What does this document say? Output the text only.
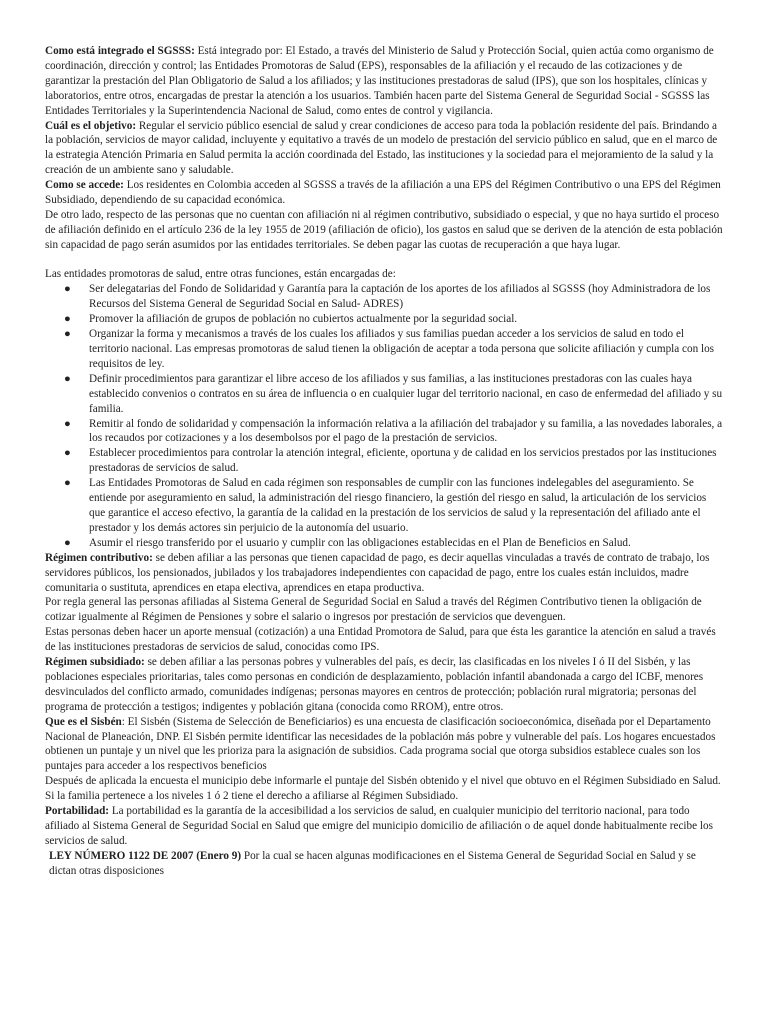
Como está integrado el SGSSS: Está integrado por: El Estado, a través del Ministerio de Salud y Protección Social, quien actúa como organismo de coordinación, dirección y control; las Entidades Promotoras de Salud (EPS), responsables de la afiliación y el recaudo de las cotizaciones y de garantizar la prestación del Plan Obligatorio de Salud a los afiliados; y las instituciones prestadoras de salud (IPS), que son los hospitales, clínicas y laboratorios, entre otros, encargadas de prestar la atención a los usuarios. También hacen parte del Sistema General de Seguridad Social - SGSSS las Entidades Territoriales y la Superintendencia Nacional de Salud, como entes de control y vigilancia.

Cuál es el objetivo: Regular el servicio público esencial de salud y crear condiciones de acceso para toda la población residente del país. Brindando a la población, servicios de mayor calidad, incluyente y equitativo a través de un modelo de prestación del servicio público en salud, que en el marco de la estrategia Atención Primaria en Salud permita la acción coordinada del Estado, las instituciones y la sociedad para el mejoramiento de la salud y la creación de un ambiente sano y saludable.

Como se accede: Los residentes en Colombia acceden al SGSSS a través de la afiliación a una EPS del Régimen Contributivo o una EPS del Régimen Subsidiado, dependiendo de su capacidad económica.

De otro lado, respecto de las personas que no cuentan con afiliación ni al régimen contributivo, subsidiado o especial, y que no haya surtido el proceso de afiliación definido en el artículo 236 de la ley 1955 de 2019 (afiliación de oficio), los gastos en salud que se deriven de la atención de esta población sin capacidad de pago serán asumidos por las entidades territoriales. Se deben pagar las cuotas de recuperación a que haya lugar.

Las entidades promotoras de salud, entre otras funciones, están encargadas de:

● Ser delegatarias del Fondo de Solidaridad y Garantía para la captación de los aportes de los afiliados al SGSSS (hoy Administradora de los Recursos del Sistema General de Seguridad Social en Salud- ADRES)
● Promover la afiliación de grupos de población no cubiertos actualmente por la seguridad social.
● Organizar la forma y mecanismos a través de los cuales los afiliados y sus familias puedan acceder a los servicios de salud en todo el territorio nacional. Las empresas promotoras de salud tienen la obligación de aceptar a toda persona que solicite afiliación y cumpla con los requisitos de ley.
● Definir procedimientos para garantizar el libre acceso de los afiliados y sus familias, a las instituciones prestadoras con las cuales haya establecido convenios o contratos en su área de influencia o en cualquier lugar del territorio nacional, en caso de enfermedad del afiliado y su familia.
● Remitir al fondo de solidaridad y compensación la información relativa a la afiliación del trabajador y su familia, a las novedades laborales, a los recaudos por cotizaciones y a los desembolsos por el pago de la prestación de servicios.
● Establecer procedimientos para controlar la atención integral, eficiente, oportuna y de calidad en los servicios prestados por las instituciones prestadoras de servicios de salud.
● Las Entidades Promotoras de Salud en cada régimen son responsables de cumplir con las funciones indelegables del aseguramiento. Se entiende por aseguramiento en salud, la administración del riesgo financiero, la gestión del riesgo en salud, la articulación de los servicios que garantice el acceso efectivo, la garantía de la calidad en la prestación de los servicios de salud y la representación del afiliado ante el prestador y los demás actores sin perjuicio de la autonomía del usuario.
● Asumir el riesgo transferido por el usuario y cumplir con las obligaciones establecidas en el Plan de Beneficios en Salud.

Régimen contributivo: se deben afiliar a las personas que tienen capacidad de pago, es decir aquellas vinculadas a través de contrato de trabajo, los servidores públicos, los pensionados, jubilados y los trabajadores independientes con capacidad de pago, entre los cuales están incluidos, madre comunitaria o sustituta, aprendices en etapa electiva, aprendices en etapa productiva.

Por regla general las personas afiliadas al Sistema General de Seguridad Social en Salud a través del Régimen Contributivo tienen la obligación de cotizar igualmente al Régimen de Pensiones y sobre el salario o ingresos por prestación de servicios que devenguen.

Estas personas deben hacer un aporte mensual (cotización) a una Entidad Promotora de Salud, para que ésta les garantice la atención en salud a través de las instituciones prestadoras de servicios de salud, conocidas como IPS.

Régimen subsidiado: se deben afiliar a las personas pobres y vulnerables del país, es decir, las clasificadas en los niveles I ó II del Sisbén, y las poblaciones especiales prioritarias, tales como personas en condición de desplazamiento, población infantil abandonada a cargo del ICBF, menores desvinculados del conflicto armado, comunidades indígenas; personas mayores en centros de protección; población rural migratoria; personas del programa de protección a testigos; indigentes y población gitana (conocida como RROM), entre otros.

Que es el Sisbén: El Sisbén (Sistema de Selección de Beneficiarios) es una encuesta de clasificación socioeconómica, diseñada por el Departamento Nacional de Planeación, DNP. El Sisbén permite identificar las necesidades de la población más pobre y vulnerable del país. Los hogares encuestados obtienen un puntaje y un nivel que les prioriza para la asignación de subsidios. Cada programa social que otorga subsidios establece cuales son los puntajes para acceder a los respectivos beneficios

Después de aplicada la encuesta el municipio debe informarle el puntaje del Sisbén obtenido y el nivel que obtuvo en el Régimen Subsidiado en Salud. Si la familia pertenece a los niveles 1 ó 2 tiene el derecho a afiliarse al Régimen Subsidiado.

Portabilidad: La portabilidad es la garantía de la accesibilidad a los servicios de salud, en cualquier municipio del territorio nacional, para todo afiliado al Sistema General de Seguridad Social en Salud que emigre del municipio domicilio de afiliación o de aquel donde habitualmente recibe los servicios de salud.

LEY NÚMERO 1122 DE 2007 (Enero 9) Por la cual se hacen algunas modificaciones en el Sistema General de Seguridad Social en Salud y se dictan otras disposiciones
